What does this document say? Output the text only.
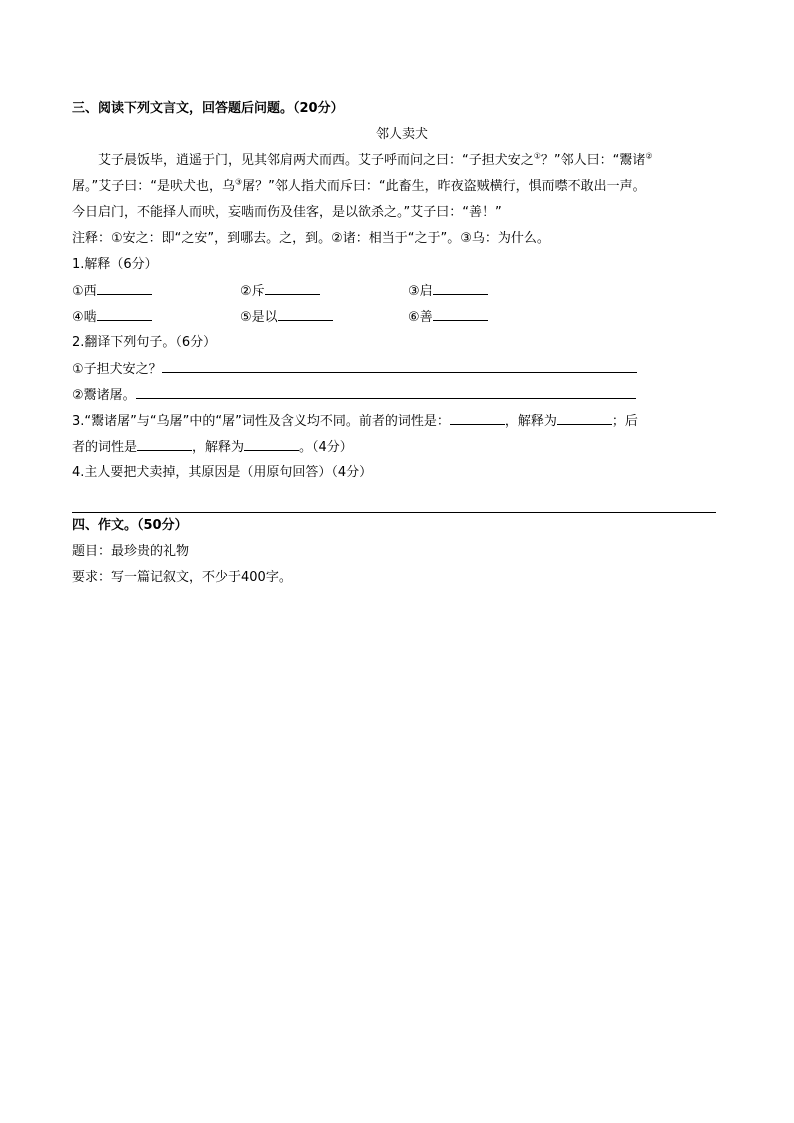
三、阅读下列文言文，回答题后问题。（20分）
邻人卖犬
艾子晨饭毕，逍遥于门，见其邻肩两犬而西。艾子呼而问之曰：“子担犬安之①？”邻人曰：“鬻诸②
屠。”艾子曰：“是吠犬也，乌③屠？”邻人指犬而斥曰：“此畜生，昨夜盗贼横行，惧而噤不敢出一声。
今日启门，不能择人而吠，妄啮而伤及佳客，是以欲杀之。”艾子曰：“善！”
注释：①安之：即“之安”，到哪去。之，到。②诸：相当于“之于”。③乌：为什么。
1.解释（6分）
①西	②斥	③启
④啮	⑤是以	⑥善
2.翻译下列句子。（6分）
①子担犬安之？
②鬻诸屠。
3.“鬻诸屠”与“乌屠”中的“屠”词性及含义均不同。前者的词性是：	，解释为	；后
者的词性是	，解释为	。（4分）
4.主人要把犬卖掉，其原因是（用原句回答）（4分）
四、作文。（50分）
题目：最珍贵的礼物
要求：写一篇记叙文，不少于400字。
